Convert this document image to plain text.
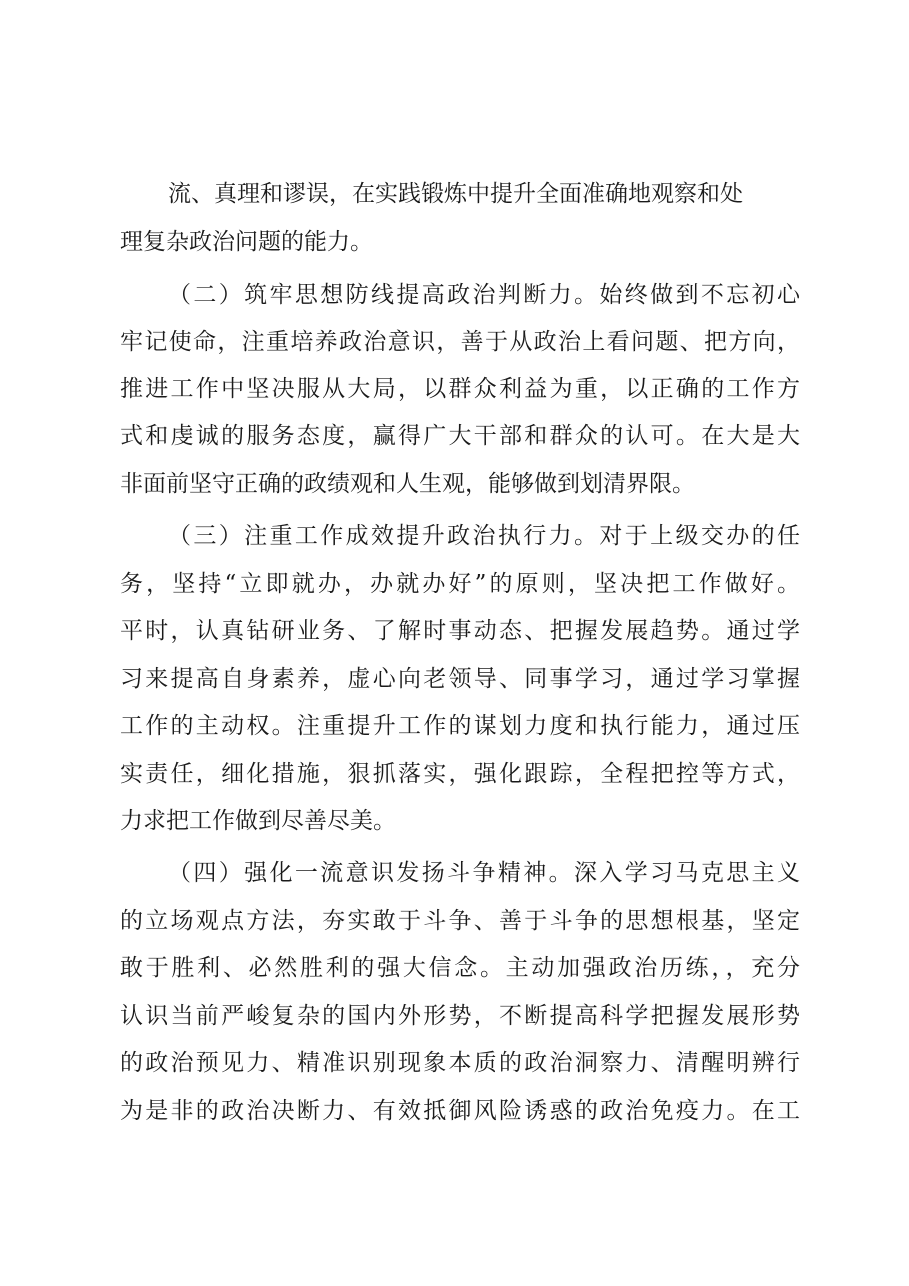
流、真理和谬误，在实践锻炼中提升全面准确地观察和处
理复杂政治问题的能力。
（二）筑牢思想防线提高政治判断力。始终做到不忘初心
牢记使命，注重培养政治意识，善于从政治上看问题、把方向，
推进工作中坚决服从大局，以群众利益为重，以正确的工作方
式和虔诚的服务态度，赢得广大干部和群众的认可。在大是大
非面前坚守正确的政绩观和人生观，能够做到划清界限。
（三）注重工作成效提升政治执行力。对于上级交办的任
务，坚持“立即就办，办就办好”的原则，坚决把工作做好。
平时，认真钻研业务、了解时事动态、把握发展趋势。通过学
习来提高自身素养，虚心向老领导、同事学习，通过学习掌握
工作的主动权。注重提升工作的谋划力度和执行能力，通过压
实责任，细化措施，狠抓落实，强化跟踪，全程把控等方式，
力求把工作做到尽善尽美。
（四）强化一流意识发扬斗争精神。深入学习马克思主义
的立场观点方法，夯实敢于斗争、善于斗争的思想根基，坚定
敢于胜利、必然胜利的强大信念。主动加强政治历练，，充分
认识当前严峻复杂的国内外形势，不断提高科学把握发展形势
的政治预见力、精准识别现象本质的政治洞察力、清醒明辨行
为是非的政治决断力、有效抵御风险诱惑的政治免疫力。在工
